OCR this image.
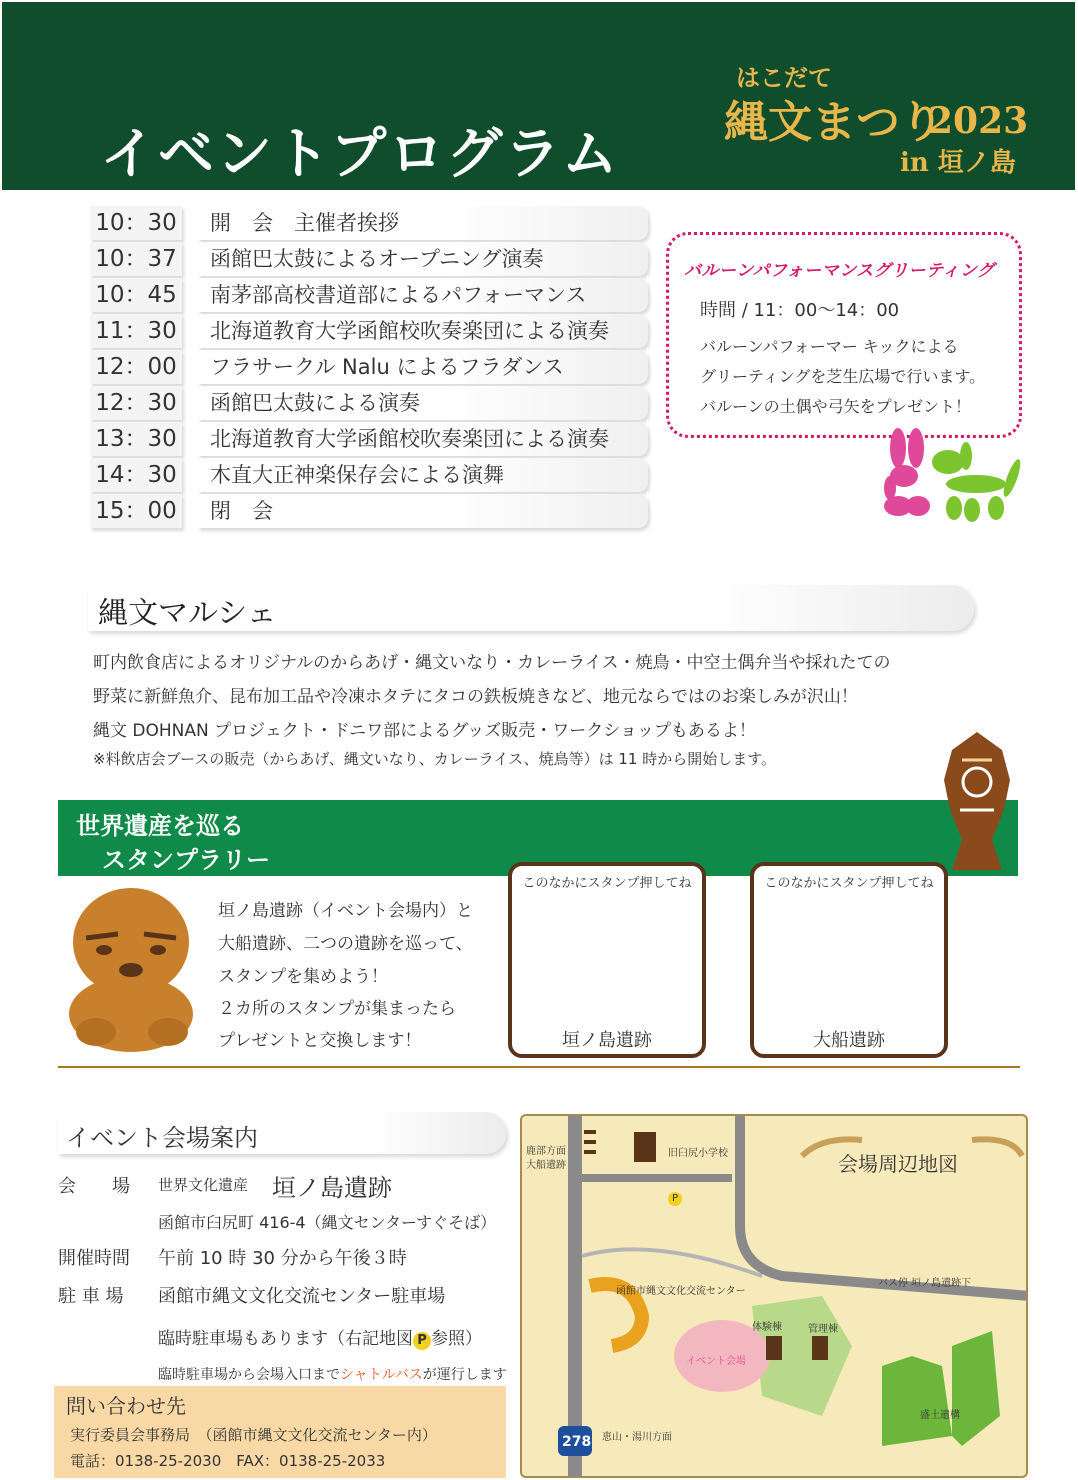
イベントプログラム
はこだて
縄文まつり
2023
in 垣ノ島
10：30	開　会　主催者挨拶
10：37	函館巴太鼓によるオープニング演奏
10：45	南茅部高校書道部によるパフォーマンス
11：30	北海道教育大学函館校吹奏楽団による演奏
12：00	フラサークル Nalu によるフラダンス
12：30	函館巴太鼓による演奏
13：30	北海道教育大学函館校吹奏楽団による演奏
14：30	木直大正神楽保存会による演舞
15：00	閉　会
バルーンパフォーマンスグリーティング
時間 / 11：00～14：00
バルーンパフォーマー キックによる
グリーティングを芝生広場で行います。
バルーンの土偶や弓矢をプレゼント！
縄文マルシェ
町内飲食店によるオリジナルのからあげ・縄文いなり・カレーライス・焼鳥・中空土偶弁当や採れたての
野菜に新鮮魚介、昆布加工品や冷凍ホタテにタコの鉄板焼きなど、地元ならではのお楽しみが沢山！
縄文 DOHNAN プロジェクト・ドニワ部によるグッズ販売・ワークショップもあるよ！
※料飲店会ブースの販売（からあげ、縄文いなり、カレーライス、焼鳥等）は 11 時から開始します。
世界遺産を巡る
スタンプラリー
垣ノ島遺跡（イベント会場内）と
大船遺跡、二つの遺跡を巡って、
スタンプを集めよう！
２カ所のスタンプが集まったら
プレゼントと交換します！
このなかにスタンプ押してね
垣ノ島遺跡
このなかにスタンプ押してね
大船遺跡
イベント会場案内
会　　場 世界文化遺産 垣ノ島遺跡
函館市臼尻町 416-4（縄文センターすぐそば）
開催時間 午前 10 時 30 分から午後３時
駐 車 場 函館市縄文文化交流センター駐車場
臨時駐車場もあります（右記地図 P 参照）
臨時駐車場から会場入口までシャトルバスが運行します
問い合わせ先
実行委員会事務局　（函館市縄文文化交流センター内）
電話：0138-25-2030　FAX：0138-25-2033
鹿部方面
大船遺跡
旧臼尻小学校
P
会場周辺地図
バス停 垣ノ島遺跡下
函館市縄文文化交流センター
体験棟	管理棟
イベント会場
盛土遺構
恵山・湯川方面
278
